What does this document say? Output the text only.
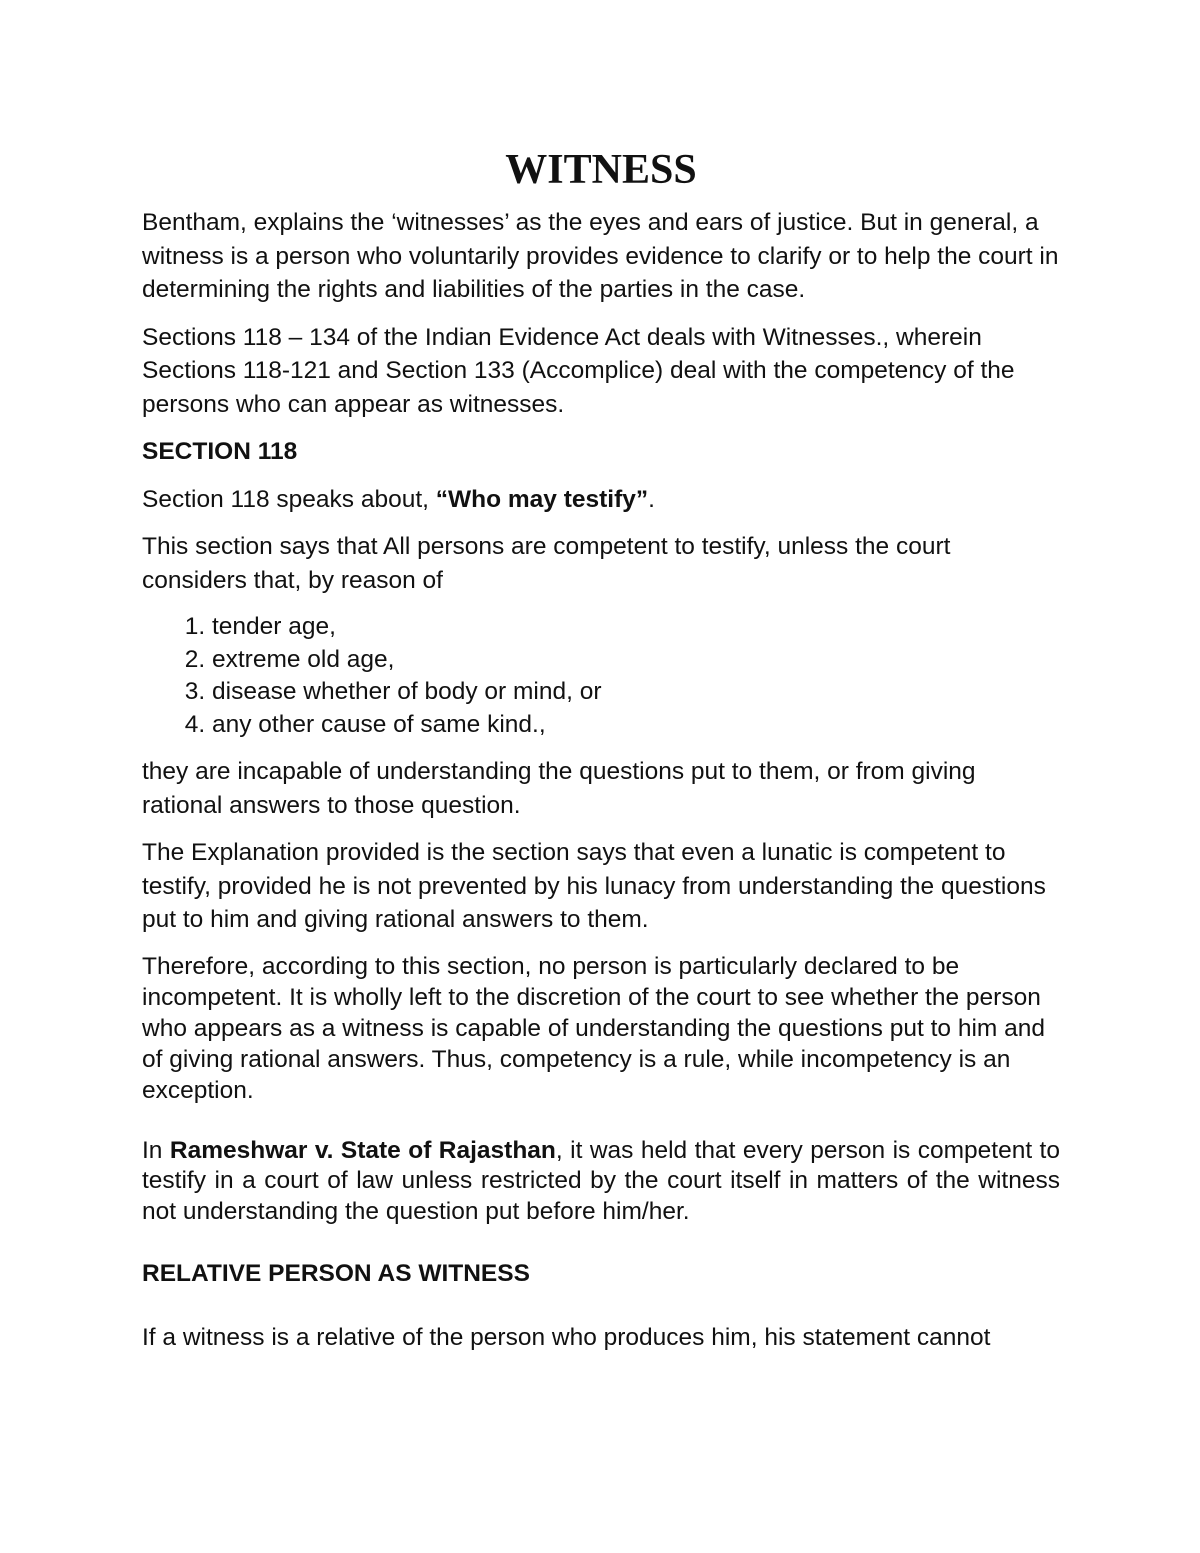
WITNESS

Bentham, explains the ‘witnesses’ as the eyes and ears of justice. But in general, a witness is a person who voluntarily provides evidence to clarify or to help the court in determining the rights and liabilities of the parties in the case.

Sections 118 – 134 of the Indian Evidence Act deals with Witnesses., wherein Sections 118-121 and Section 133 (Accomplice) deal with the competency of the persons who can appear as witnesses.

SECTION 118

Section 118 speaks about, “Who may testify”.

This section says that All persons are competent to testify, unless the court considers that, by reason of

1. tender age,
2. extreme old age,
3. disease whether of body or mind, or
4. any other cause of same kind.,

they are incapable of understanding the questions put to them, or from giving rational answers to those question.

The Explanation provided is the section says that even a lunatic is competent to testify, provided he is not prevented by his lunacy from understanding the questions put to him and giving rational answers to them.

Therefore, according to this section, no person is particularly declared to be incompetent. It is wholly left to the discretion of the court to see whether the person who appears as a witness is capable of understanding the questions put to him and of giving rational answers. Thus, competency is a rule, while incompetency is an exception.

In Rameshwar v. State of Rajasthan, it was held that every person is competent to testify in a court of law unless restricted by the court itself in matters of the witness not understanding the question put before him/her.

RELATIVE PERSON AS WITNESS

If a witness is a relative of the person who produces him, his statement cannot
